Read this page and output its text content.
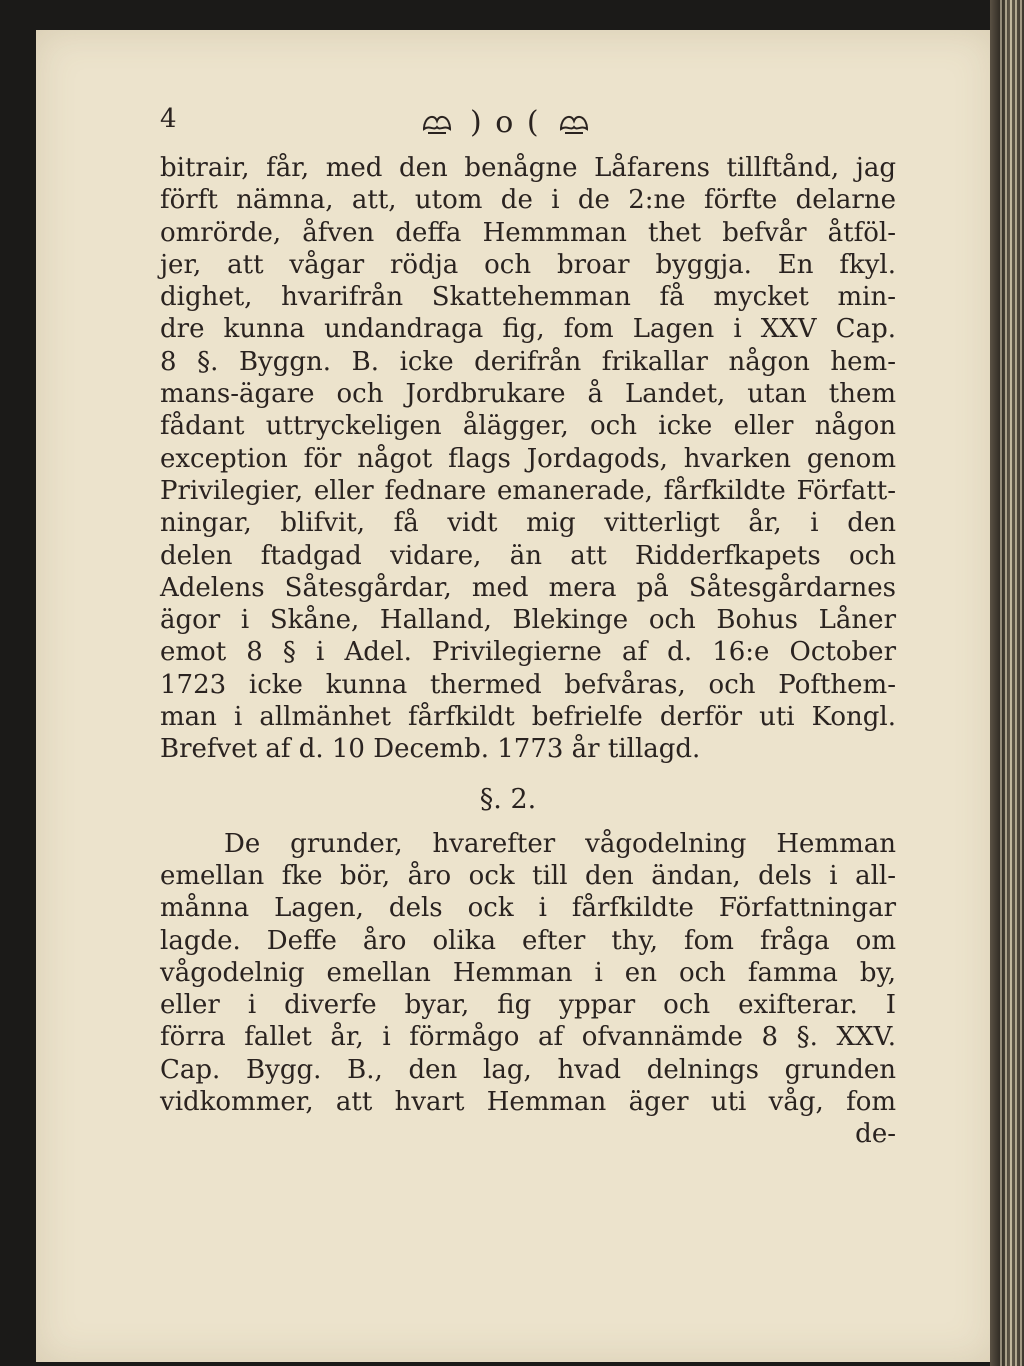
4	) o (
bitrair, får, med den benågne Låfarens tillftånd, jag
förft nämna, att, utom de i de 2:ne förfte delarne
omrörde, åfven deffa Hemmman thet befvår åtföl-
jer, att vågar rödja och broar byggja. En fkyl.
dighet, hvarifrån Skattehemman få mycket min-
dre kunna undandraga fig, fom Lagen i XXV Cap.
8 §. Byggn. B. icke derifrån frikallar någon hem-
mans-ägare och Jordbrukare å Landet, utan them
fådant uttryckeligen ålägger, och icke eller någon
exception för något flags Jordagods, hvarken genom
Privilegier, eller fednare emanerade, fårfkildte Författ-
ningar, blifvit, få vidt mig vitterligt år, i den
delen ftadgad vidare, än att Ridderfkapets och
Adelens Såtesgårdar, med mera på Såtesgårdarnes
ägor i Skåne, Halland, Blekinge och Bohus Låner
emot 8 § i Adel. Privilegierne af d. 16:e October
1723 icke kunna thermed befvåras, och Pofthem-
man i allmänhet fårfkildt befrielfe derför uti Kongl.
Brefvet af d. 10 Decemb. 1773 år tillagd.
§. 2.
De grunder, hvarefter vågodelning Hemman
emellan fke bör, åro ock till den ändan, dels i all-
månna Lagen, dels ock i fårfkildte Författningar
lagde. Deffe åro olika efter thy, fom fråga om
vågodelnig emellan Hemman i en och famma by,
eller i diverfe byar, fig yppar och exifterar. I
förra fallet år, i förmågo af ofvannämde 8 §. XXV.
Cap. Bygg. B., den lag, hvad delnings grunden
vidkommer, att hvart Hemman äger uti våg, fom
de-
